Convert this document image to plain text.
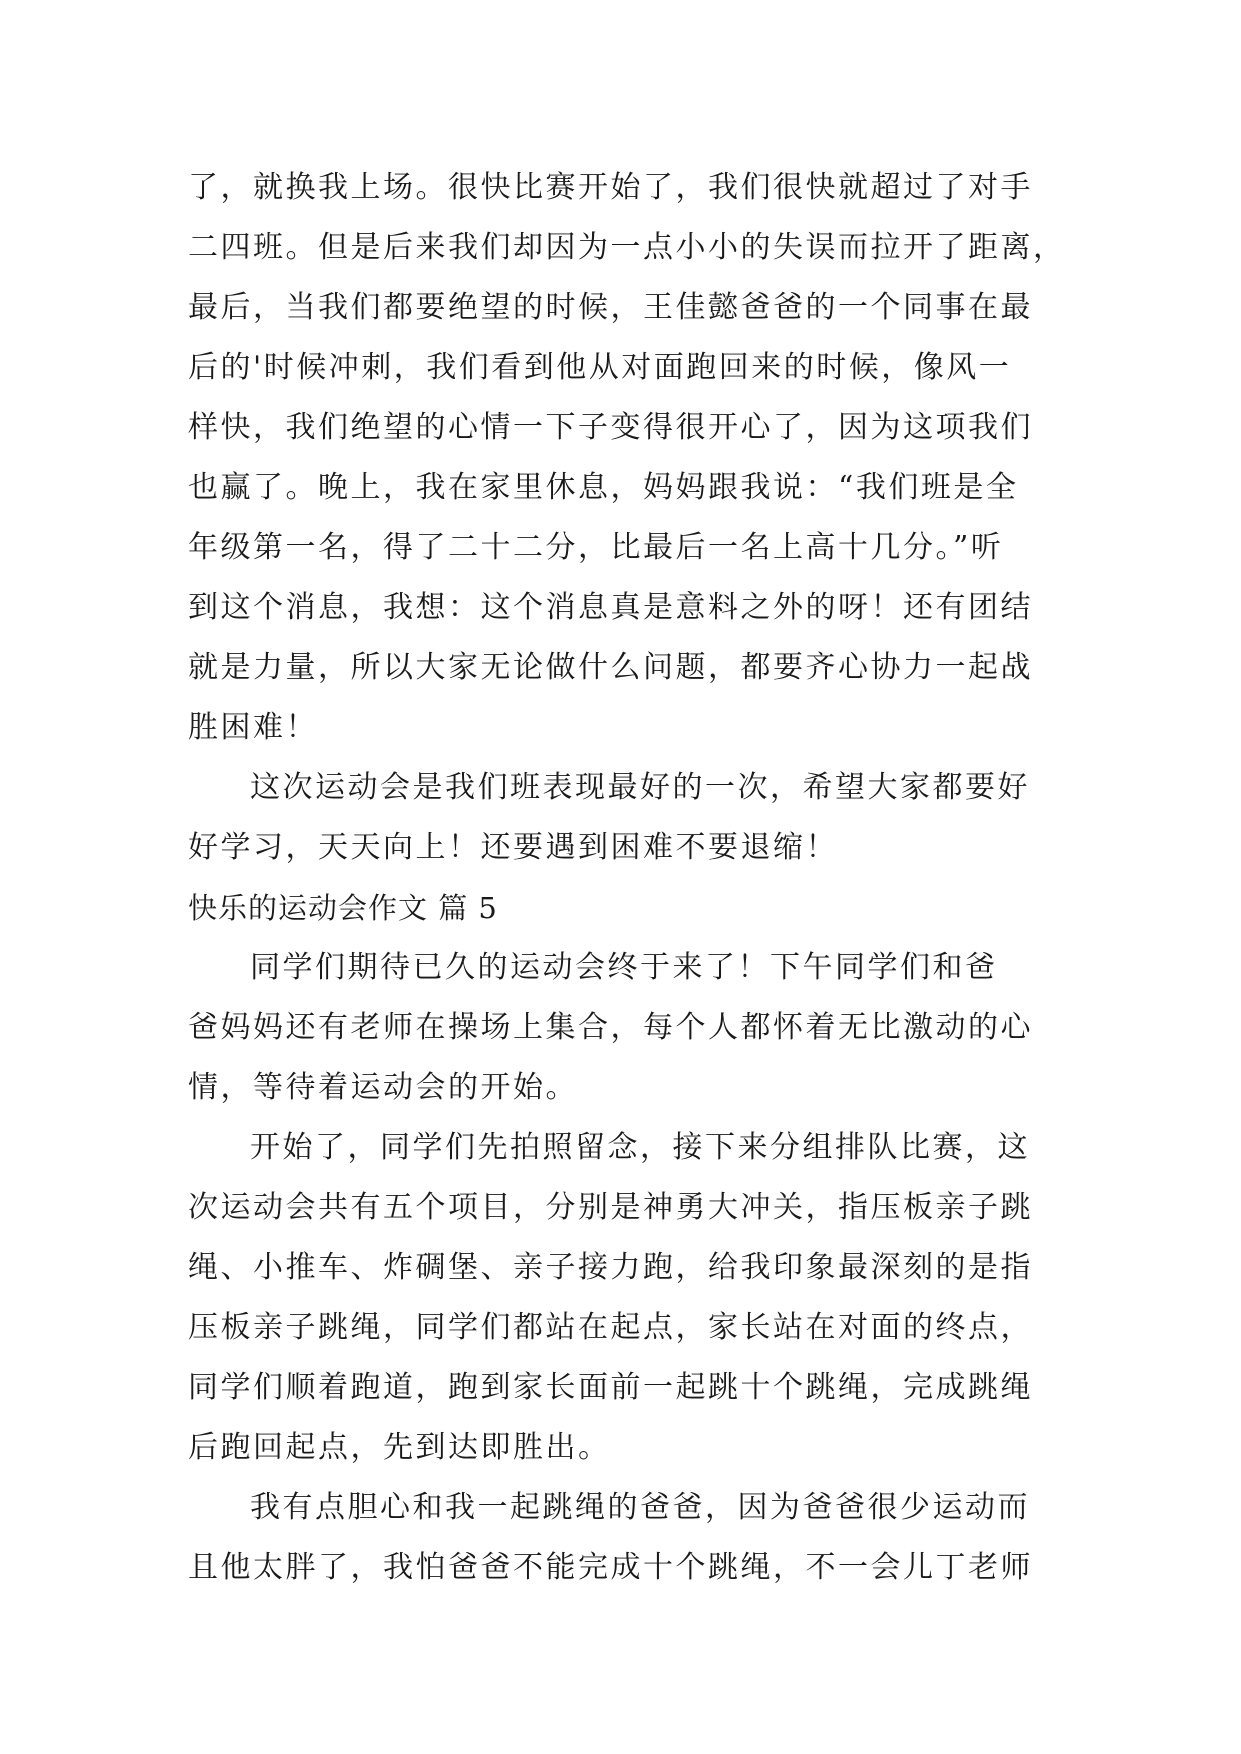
了，就换我上场。很快比赛开始了，我们很快就超过了对手
二四班。但是后来我们却因为一点小小的失误而拉开了距离，
最后，当我们都要绝望的时候，王佳懿爸爸的一个同事在最
后的'时候冲刺，我们看到他从对面跑回来的时候，像风一
样快，我们绝望的心情一下子变得很开心了，因为这项我们
也赢了。晚上，我在家里休息，妈妈跟我说：“我们班是全
年级第一名，得了二十二分，比最后一名上高十几分。”听
到这个消息，我想：这个消息真是意料之外的呀！还有团结
就是力量，所以大家无论做什么问题，都要齐心协力一起战
胜困难！
这次运动会是我们班表现最好的一次，希望大家都要好
好学习，天天向上！还要遇到困难不要退缩！
快乐的运动会作文 篇 5
同学们期待已久的运动会终于来了！下午同学们和爸
爸妈妈还有老师在操场上集合，每个人都怀着无比激动的心
情，等待着运动会的开始。
开始了，同学们先拍照留念，接下来分组排队比赛，这
次运动会共有五个项目，分别是神勇大冲关，指压板亲子跳
绳、小推车、炸碉堡、亲子接力跑，给我印象最深刻的是指
压板亲子跳绳，同学们都站在起点，家长站在对面的终点，
同学们顺着跑道，跑到家长面前一起跳十个跳绳，完成跳绳
后跑回起点，先到达即胜出。
我有点胆心和我一起跳绳的爸爸，因为爸爸很少运动而
且他太胖了，我怕爸爸不能完成十个跳绳，不一会儿丁老师
